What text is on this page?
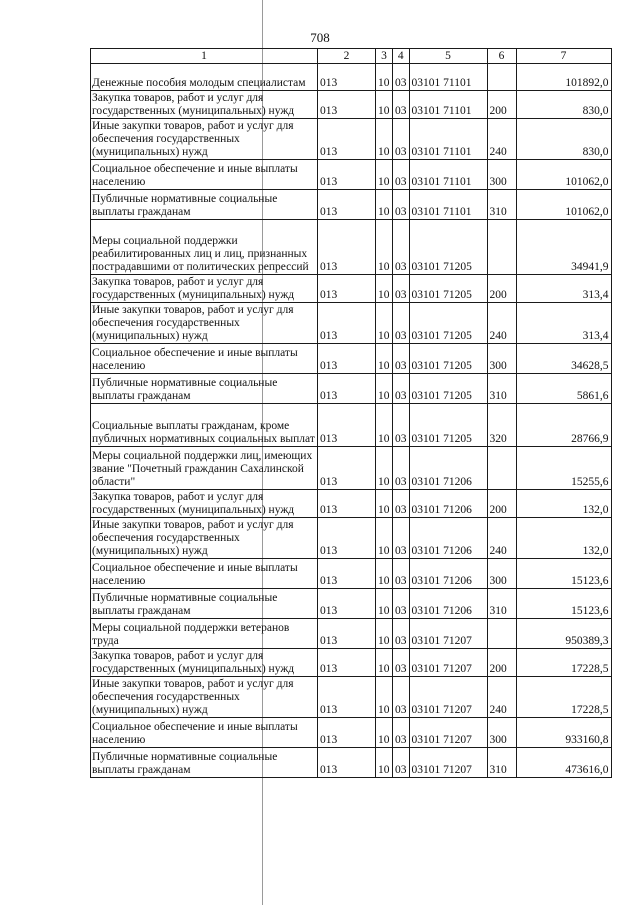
708
1	2	3	4	5	6	7
Денежные пособия молодым специалистам	013	10	03	03101 71101		101892,0
Закупка товаров, работ и услуг для государственных (муниципальных) нужд	013	10	03	03101 71101	200	830,0
Иные закупки товаров, работ и услуг для обеспечения государственных (муниципальных) нужд	013	10	03	03101 71101	240	830,0
Социальное обеспечение и иные выплаты населению	013	10	03	03101 71101	300	101062,0
Публичные нормативные социальные выплаты гражданам	013	10	03	03101 71101	310	101062,0
Меры социальной поддержки реабилитированных лиц и лиц, признанных пострадавшими от политических репрессий	013	10	03	03101 71205		34941,9
Закупка товаров, работ и услуг для государственных (муниципальных) нужд	013	10	03	03101 71205	200	313,4
Иные закупки товаров, работ и услуг для обеспечения государственных (муниципальных) нужд	013	10	03	03101 71205	240	313,4
Социальное обеспечение и иные выплаты населению	013	10	03	03101 71205	300	34628,5
Публичные нормативные социальные выплаты гражданам	013	10	03	03101 71205	310	5861,6
Социальные выплаты гражданам, кроме публичных нормативных социальных выплат	013	10	03	03101 71205	320	28766,9
Меры социальной поддержки лиц, имеющих звание "Почетный гражданин Сахалинской области"	013	10	03	03101 71206		15255,6
Закупка товаров, работ и услуг для государственных (муниципальных) нужд	013	10	03	03101 71206	200	132,0
Иные закупки товаров, работ и услуг для обеспечения государственных (муниципальных) нужд	013	10	03	03101 71206	240	132,0
Социальное обеспечение и иные выплаты населению	013	10	03	03101 71206	300	15123,6
Публичные нормативные социальные выплаты гражданам	013	10	03	03101 71206	310	15123,6
Меры социальной поддержки ветеранов труда	013	10	03	03101 71207		950389,3
Закупка товаров, работ и услуг для государственных (муниципальных) нужд	013	10	03	03101 71207	200	17228,5
Иные закупки товаров, работ и услуг для обеспечения государственных (муниципальных) нужд	013	10	03	03101 71207	240	17228,5
Социальное обеспечение и иные выплаты населению	013	10	03	03101 71207	300	933160,8
Публичные нормативные социальные выплаты гражданам	013	10	03	03101 71207	310	473616,0
